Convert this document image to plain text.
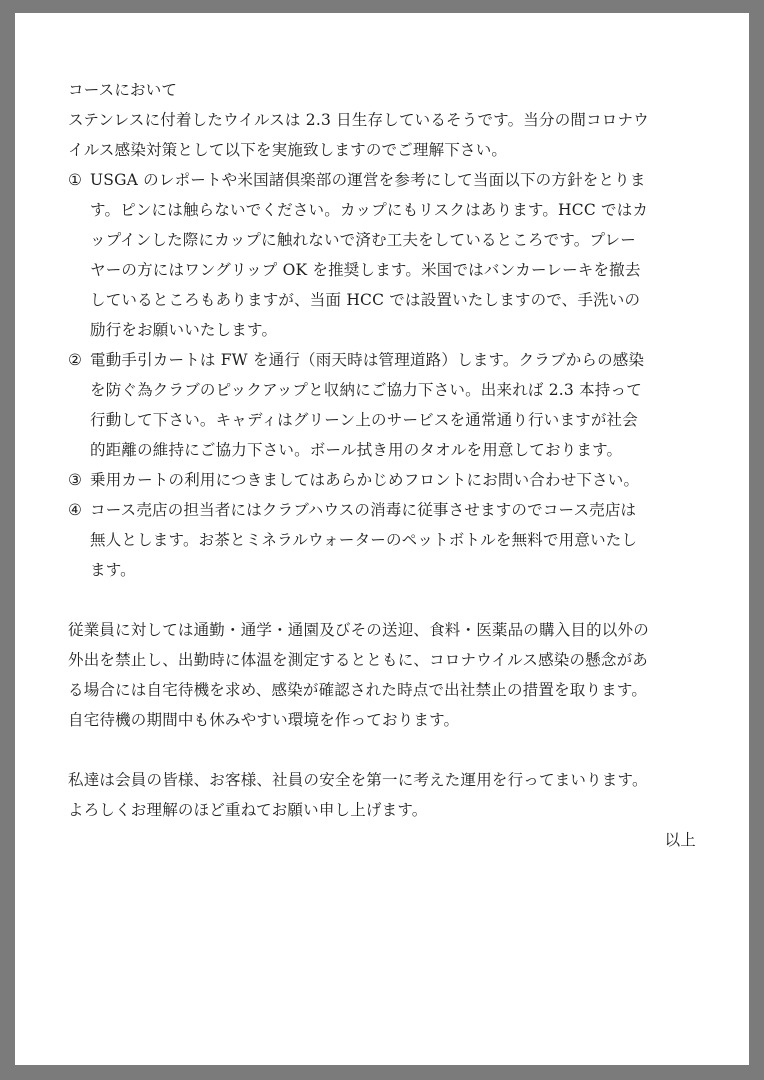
コースにおいて
ステンレスに付着したウイルスは 2.3 日生存しているそうです。当分の間コロナウ
イルス感染対策として以下を実施致しますのでご理解下さい。
① USGA のレポートや米国諸倶楽部の運営を参考にして当面以下の方針をとりま
す。ピンには触らないでください。カップにもリスクはあります。HCC ではカ
ップインした際にカップに触れないで済む工夫をしているところです。プレー
ヤーの方にはワングリップ OK を推奨します。米国ではバンカーレーキを撤去
しているところもありますが、当面 HCC では設置いたしますので、手洗いの
励行をお願いいたします。
② 電動手引カートは FW を通行（雨天時は管理道路）します。クラブからの感染
を防ぐ為クラブのピックアップと収納にご協力下さい。出来れば 2.3 本持って
行動して下さい。キャディはグリーン上のサービスを通常通り行いますが社会
的距離の維持にご協力下さい。ボール拭き用のタオルを用意しております。
③ 乗用カートの利用につきましてはあらかじめフロントにお問い合わせ下さい。
④ コース売店の担当者にはクラブハウスの消毒に従事させますのでコース売店は
無人とします。お茶とミネラルウォーターのペットボトルを無料で用意いたし
ます。
従業員に対しては通勤・通学・通園及びその送迎、食料・医薬品の購入目的以外の
外出を禁止し、出勤時に体温を測定するとともに、コロナウイルス感染の懸念があ
る場合には自宅待機を求め、感染が確認された時点で出社禁止の措置を取ります。
自宅待機の期間中も休みやすい環境を作っております。
私達は会員の皆様、お客様、社員の安全を第一に考えた運用を行ってまいります。
よろしくお理解のほど重ねてお願い申し上げます。
以上
